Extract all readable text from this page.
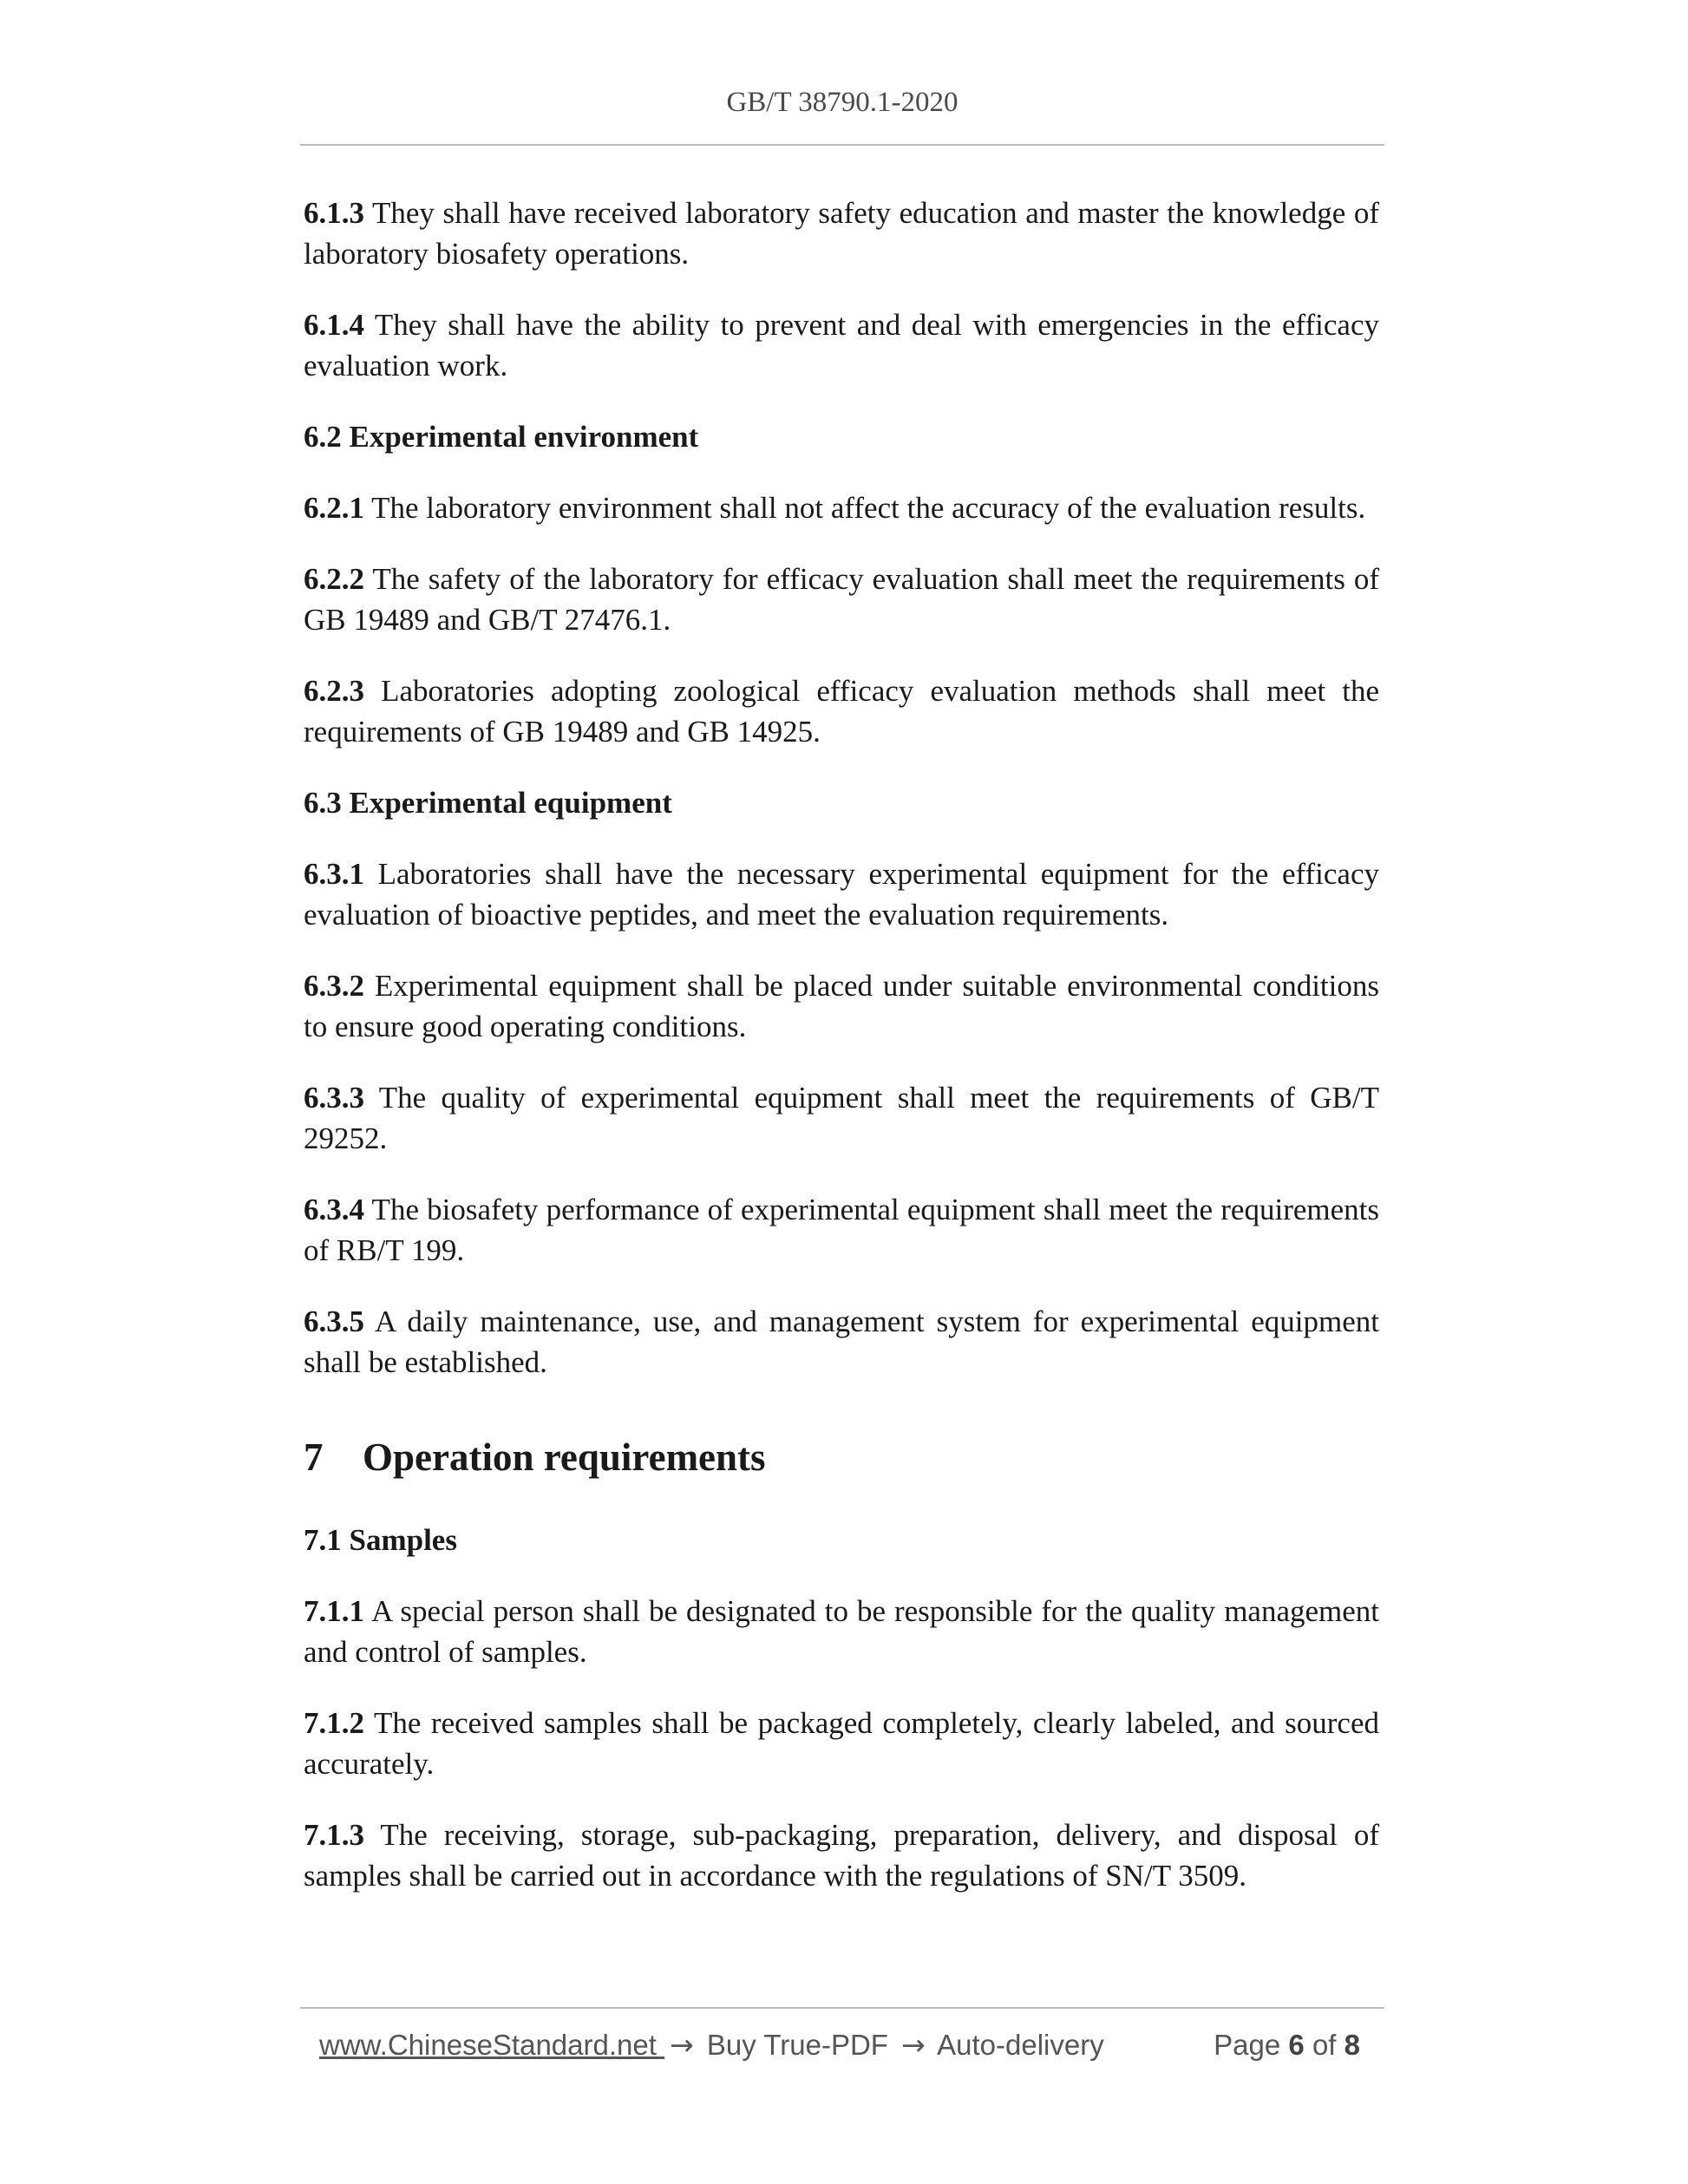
GB/T 38790.1-2020

6.1.3 They shall have received laboratory safety education and master the knowledge of laboratory biosafety operations.

6.1.4 They shall have the ability to prevent and deal with emergencies in the efficacy evaluation work.

6.2 Experimental environment

6.2.1 The laboratory environment shall not affect the accuracy of the evaluation results.

6.2.2 The safety of the laboratory for efficacy evaluation shall meet the requirements of GB 19489 and GB/T 27476.1.

6.2.3 Laboratories adopting zoological efficacy evaluation methods shall meet the requirements of GB 19489 and GB 14925.

6.3 Experimental equipment

6.3.1 Laboratories shall have the necessary experimental equipment for the efficacy evaluation of bioactive peptides, and meet the evaluation requirements.

6.3.2 Experimental equipment shall be placed under suitable environmental conditions to ensure good operating conditions.

6.3.3 The quality of experimental equipment shall meet the requirements of GB/T 29252.

6.3.4 The biosafety performance of experimental equipment shall meet the requirements of RB/T 199.

6.3.5 A daily maintenance, use, and management system for experimental equipment shall be established.

7 Operation requirements
7.1 Samples

7.1.1 A special person shall be designated to be responsible for the quality management and control of samples.

7.1.2 The received samples shall be packaged completely, clearly labeled, and sourced accurately.

7.1.3 The receiving, storage, sub-packaging, preparation, delivery, and disposal of samples shall be carried out in accordance with the regulations of SN/T 3509.

www.ChineseStandard.net → Buy True-PDF → Auto-delivery	Page 6 of 8
